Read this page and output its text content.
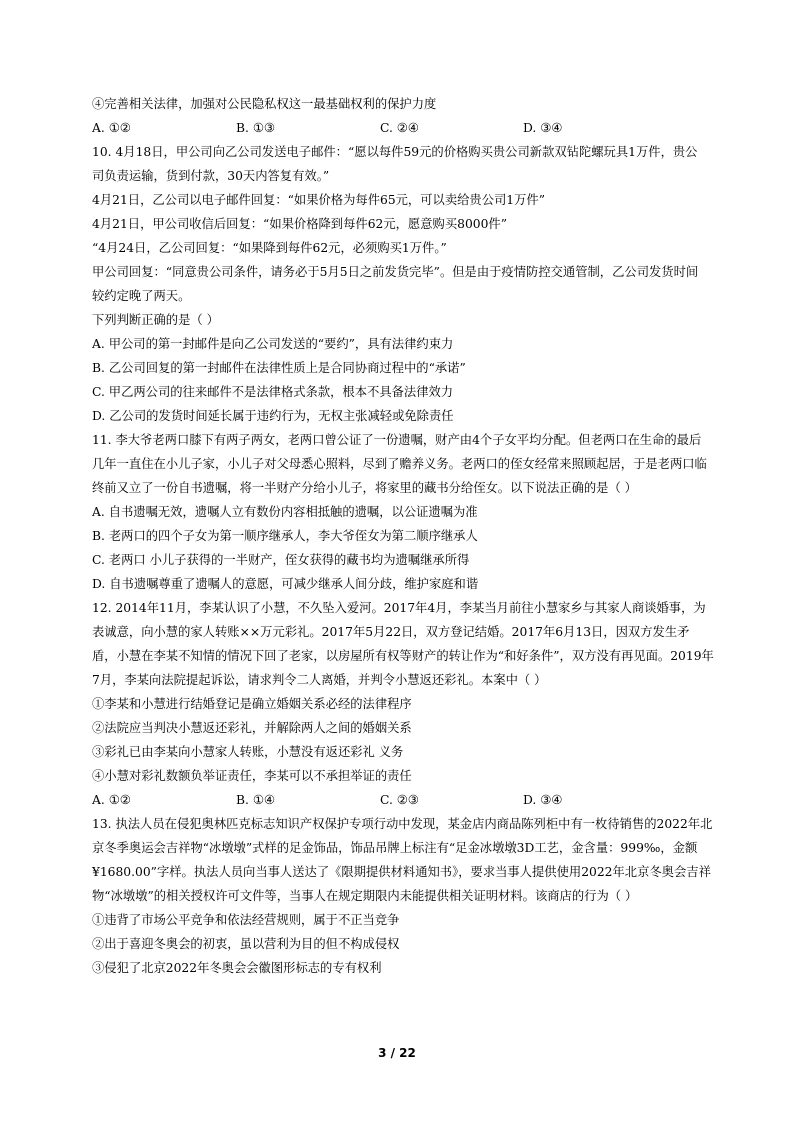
④完善相关法律，加强对公民隐私权这一最基础权利的保护力度
A. ①②	B. ①③	C. ②④	D. ③④
10. 4月18日，甲公司向乙公司发送电子邮件：“愿以每件59元的价格购买贵公司新款双钻陀螺玩具1万件，贵公
司负责运输，货到付款，30天内答复有效。”
4月21日，乙公司以电子邮件回复：“如果价格为每件65元，可以卖给贵公司1万件”
4月21日，甲公司收信后回复：“如果价格降到每件62元，愿意购买8000件”
“4月24日，乙公司回复：“如果降到每件62元，必须购买1万件。”
甲公司回复：“同意贵公司条件，请务必于5月5日之前发货完毕”。但是由于疫情防控交通管制，乙公司发货时间
较约定晚了两天。
下列判断正确的是（ ）
A. 甲公司的第一封邮件是向乙公司发送的“要约”，具有法律约束力
B. 乙公司回复的第一封邮件在法律性质上是合同协商过程中的“承诺”
C. 甲乙两公司的往来邮件不是法律格式条款，根本不具备法律效力
D. 乙公司的发货时间延长属于违约行为，无权主张减轻或免除责任
11. 李大爷老两口膝下有两子两女，老两口曾公证了一份遗嘱，财产由4个子女平均分配。但老两口在生命的最后
几年一直住在小儿子家，小儿子对父母悉心照料，尽到了赡养义务。老两口的侄女经常来照顾起居，于是老两口临
终前又立了一份自书遗嘱，将一半财产分给小儿子，将家里的藏书分给侄女。以下说法正确的是（ ）
A. 自书遗嘱无效，遗嘱人立有数份内容相抵触的遗嘱，以公证遗嘱为准
B. 老两口的四个子女为第一顺序继承人，李大爷侄女为第二顺序继承人
C. 老两口 小儿子获得的一半财产，侄女获得的藏书均为遗嘱继承所得
D. 自书遗嘱尊重了遗嘱人的意愿，可减少继承人间分歧，维护家庭和谐
12. 2014年11月，李某认识了小慧，不久坠入爱河。2017年4月，李某当月前往小慧家乡与其家人商谈婚事，为
表诚意，向小慧的家人转账××万元彩礼。2017年5月22日，双方登记结婚。2017年6月13日，因双方发生矛
盾，小慧在李某不知情的情况下回了老家，以房屋所有权等财产的转让作为“和好条件”，双方没有再见面。2019年
7月，李某向法院提起诉讼，请求判令二人离婚，并判令小慧返还彩礼。本案中（ ）
①李某和小慧进行结婚登记是确立婚姻关系必经的法律程序
②法院应当判决小慧返还彩礼，并解除两人之间的婚姻关系
③彩礼已由李某向小慧家人转账，小慧没有返还彩礼 义务
④小慧对彩礼数额负举证责任，李某可以不承担举证的责任
A. ①②	B. ①④	C. ②③	D. ③④
13. 执法人员在侵犯奥林匹克标志知识产权保护专项行动中发现，某金店内商品陈列柜中有一枚待销售的2022年北
京冬季奥运会吉祥物“冰墩墩”式样的足金饰品，饰品吊牌上标注有“足金冰墩墩3D工艺，金含量：999‰，金额
¥1680.00”字样。执法人员向当事人送达了《限期提供材料通知书》，要求当事人提供使用2022年北京冬奥会吉祥
物“冰墩墩”的相关授权许可文件等，当事人在规定期限内未能提供相关证明材料。该商店的行为（ ）
①违背了市场公平竞争和依法经营规则，属于不正当竞争
②出于喜迎冬奥会的初衷，虽以营利为目的但不构成侵权
③侵犯了北京2022年冬奥会会徽图形标志的专有权利
3 / 22
